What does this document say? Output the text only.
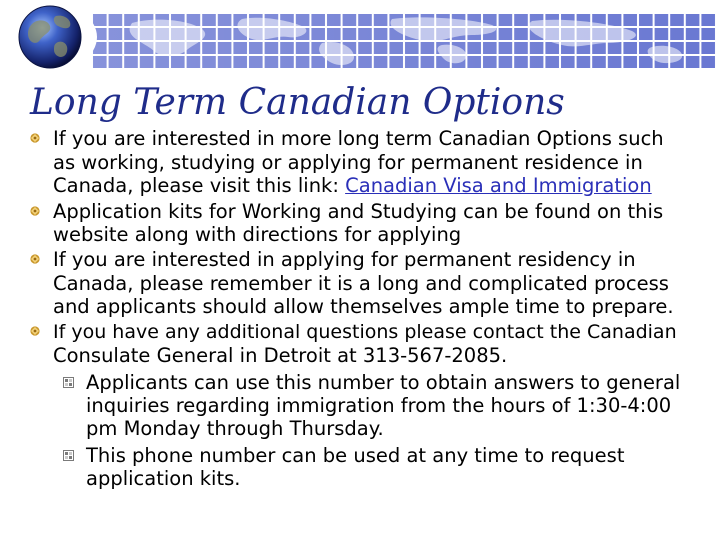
Long Term Canadian Options
If you are interested in more long term Canadian Options such
as working, studying or applying for permanent residence in
Canada, please visit this link: Canadian Visa and Immigration
Application kits for Working and Studying can be found on this
website along with directions for applying
If you are interested in applying for permanent residency in
Canada, please remember it is a long and complicated process
and applicants should allow themselves ample time to prepare.
If you have any additional questions please contact the Canadian
Consulate General in Detroit at 313-567-2085.
Applicants can use this number to obtain answers to general
inquiries regarding immigration from the hours of 1:30-4:00
pm Monday through Thursday.
This phone number can be used at any time to request
application kits.
